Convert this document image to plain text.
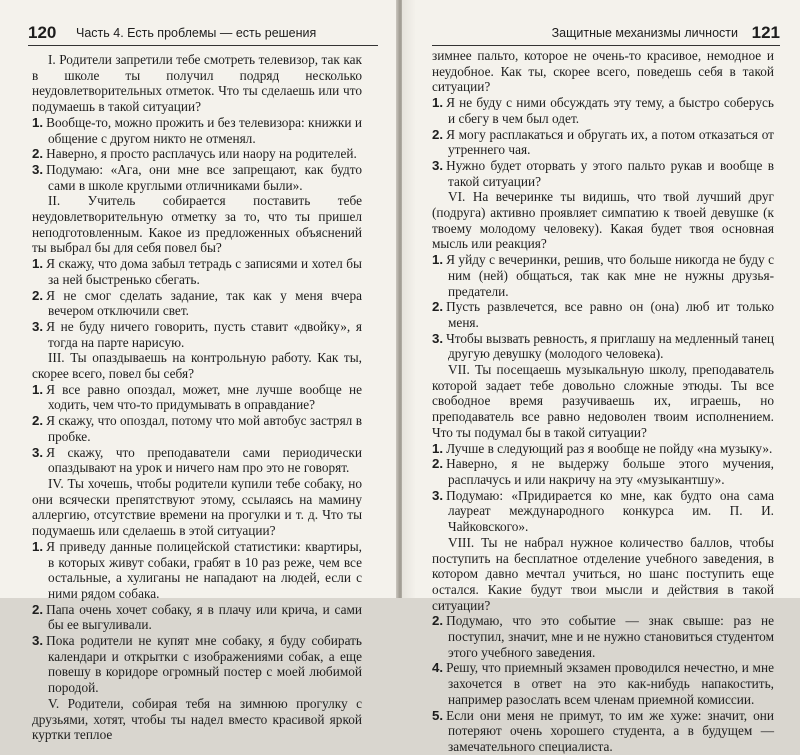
120 Часть 4. Есть проблемы — есть решения

I. Родители запретили тебе смотреть телевизор, так как в школе ты получил подряд несколько неудовлетворительных отметок. Что ты сделаешь или что подумаешь в такой ситуации?

1. Вообще-то, можно прожить и без телевизора: книжки и общение с другом никто не отменял.

2. Наверно, я просто расплачусь или наору на родителей.

3. Подумаю: «Ага, они мне все запрещают, как будто сами в школе круглыми отличниками были».

II. Учитель собирается поставить тебе неудовлетворительную отметку за то, что ты пришел неподготовленным. Какое из предложенных объяснений ты выбрал бы для себя повел бы?

1. Я скажу, что дома забыл тетрадь с записями и хотел бы за ней быстренько сбегать.

2. Я не смог сделать задание, так как у меня вчера вечером отключили свет.

3. Я не буду ничего говорить, пусть ставит «двойку», я тогда на парте нарисую.

III. Ты опаздываешь на контрольную работу. Как ты, скорее всего, повел бы себя?

1. Я все равно опоздал, может, мне лучше вообще не ходить, чем что-то придумывать в оправдание?

2. Я скажу, что опоздал, потому что мой автобус застрял в пробке.

3. Я скажу, что преподаватели сами периодически опаздывают на урок и ничего нам про это не говорят.

IV. Ты хочешь, чтобы родители купили тебе собаку, но они всячески препятствуют этому, ссылаясь на мамину аллергию, отсутствие времени на прогулки и т. д. Что ты подумаешь или сделаешь в этой ситуации?

1. Я приведу данные полицейской статистики: квартиры, в которых живут собаки, грабят в 10 раз реже, чем все остальные, а хулиганы не нападают на людей, если с ними рядом собака.

2. Папа очень хочет собаку, я в плачу или крича, и сами бы ее выгуливали.

3. Пока родители не купят мне собаку, я буду собирать календари и открытки с изображениями собак, а еще повешу в коридоре огромный постер с моей любимой породой.

V. Родители, собирая тебя на зимнюю прогулку с друзьями, хотят, чтобы ты надел вместо красивой яркой куртки теплое

Защитные механизмы личности 121

зимнее пальто, которое не очень-то красивое, немодное и неудобное. Как ты, скорее всего, поведешь себя в такой ситуации?

1. Я не буду с ними обсуждать эту тему, а быстро соберусь и сбегу в чем был одет.

2. Я могу расплакаться и обругать их, а потом отказаться от утреннего чая.

3. Нужно будет оторвать у этого пальто рукав и вообще в такой ситуации?

VI. На вечеринке ты видишь, что твой лучший друг (подруга) активно проявляет симпатию к твоей девушке (к твоему молодому человеку). Какая будет твоя основная мысль или реакция?

1. Я уйду с вечеринки, решив, что больше никогда не буду с ним (ней) общаться, так как мне не нужны друзья-предатели.

2. Пусть развлечется, все равно он (она) люб ит только меня.

3. Чтобы вызвать ревность, я приглашу на медленный танец другую девушку (молодого человека).

VII. Ты посещаешь музыкальную школу, преподаватель которой задает тебе довольно сложные этюды. Ты все свободное время разучиваешь их, играешь, но преподаватель все равно недоволен твоим исполнением. Что ты подумал бы в такой ситуации?

1. Лучше в следующий раз я вообще не пойду «на музыку».

2. Наверно, я не выдержу больше этого мучения, расплачусь и или накричу на эту «музыкантшу».

3. Подумаю: «Придирается ко мне, как будто она сама лауреат международного конкурса им. П. И. Чайковского».

VIII. Ты не набрал нужное количество баллов, чтобы поступить на бесплатное отделение учебного заведения, в котором давно мечтал учиться, но шанс поступить еще остался. Какие будут твои мысли и действия в такой ситуации?

2. Подумаю, что это событие — знак свыше: раз не поступил, значит, мне и не нужно становиться студентом этого учебного заведения.

4. Решу, что приемный экзамен проводился нечестно, и мне захочется в ответ на это как-нибудь напакостить, например разослать всем членам приемной комиссии.

5. Если они меня не примут, то им же хуже: значит, они потеряют очень хорошего студента, а в будущем — замечательного специалиста.
